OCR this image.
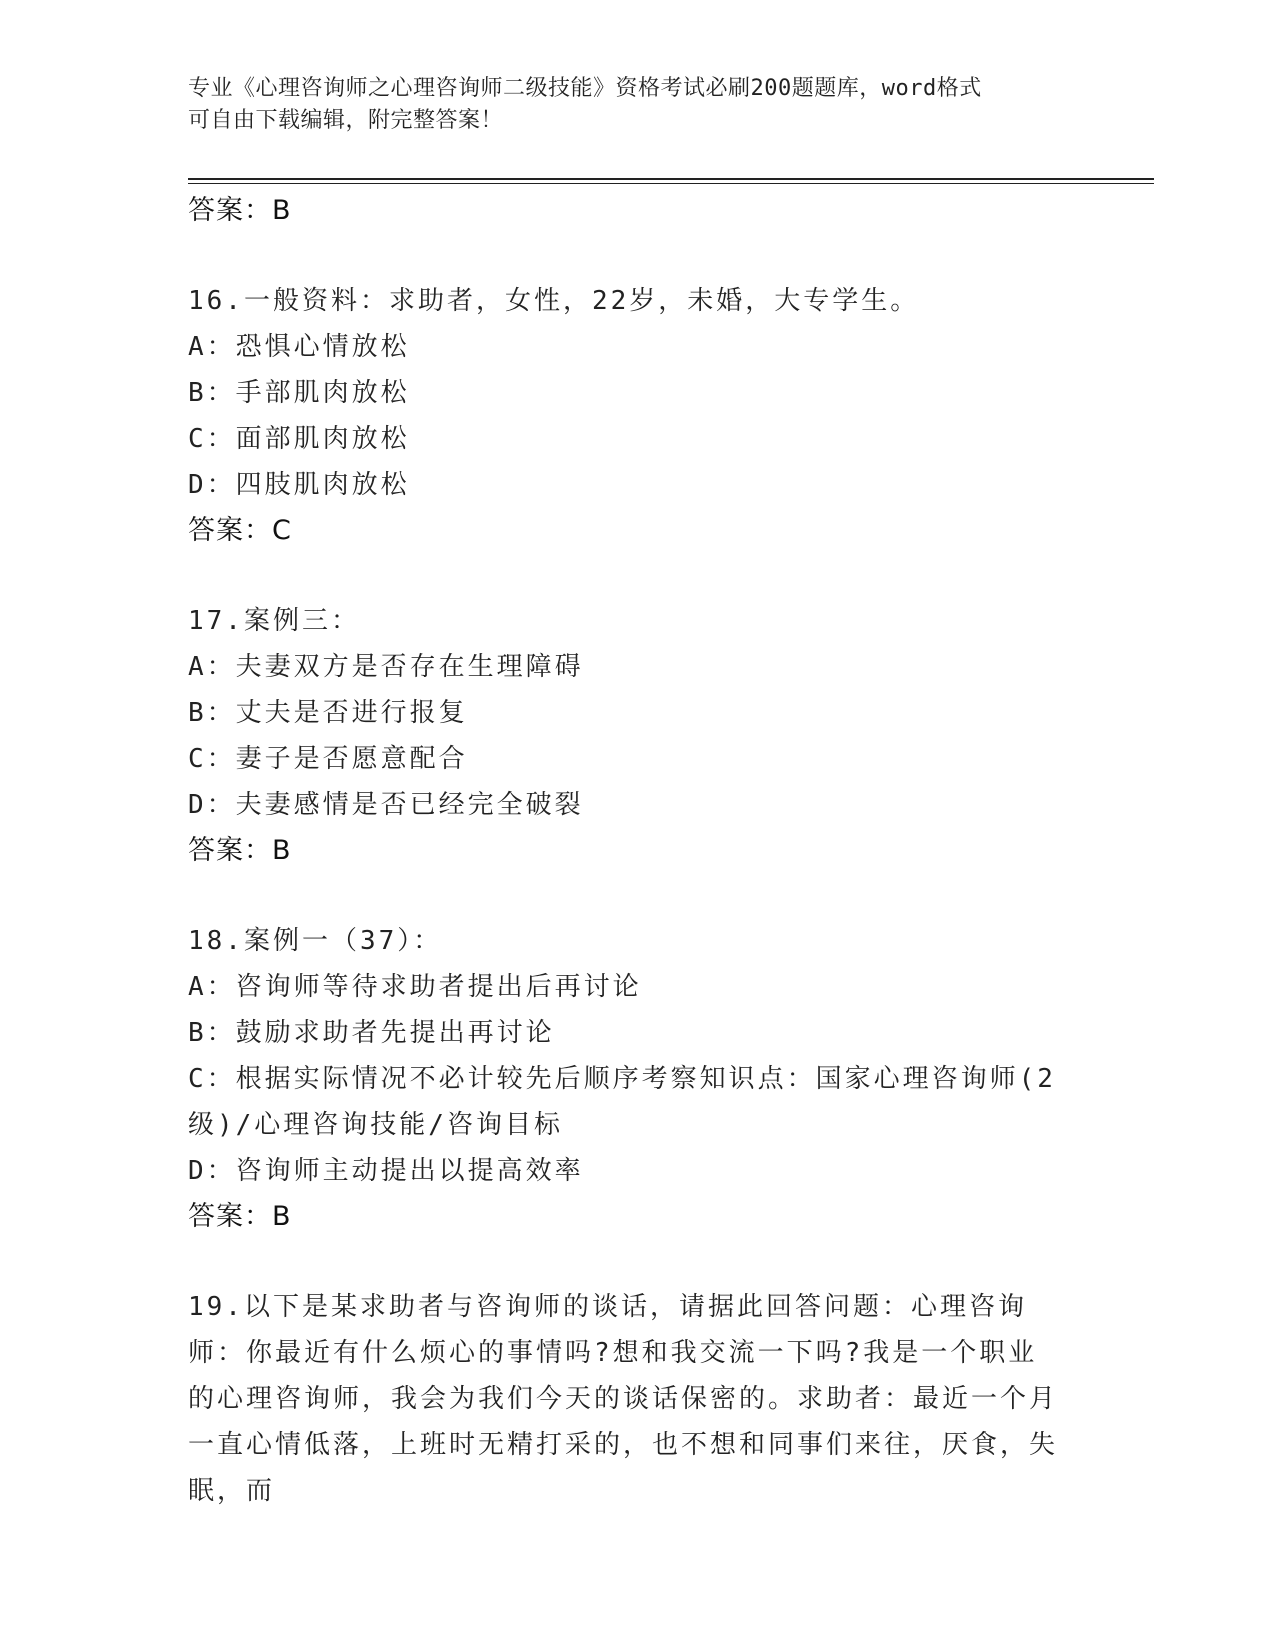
专业《心理咨询师之心理咨询师二级技能》资格考试必刷200题题库，word格式
可自由下载编辑，附完整答案！
答案：B
16.一般资料：求助者，女性，22岁，未婚，大专学生。
A：恐惧心情放松
B：手部肌肉放松
C：面部肌肉放松
D：四肢肌肉放松
答案：C
17.案例三：
A：夫妻双方是否存在生理障碍
B：丈夫是否进行报复
C：妻子是否愿意配合
D：夫妻感情是否已经完全破裂
答案：B
18.案例一（37）：
A：咨询师等待求助者提出后再讨论
B：鼓励求助者先提出再讨论
C：根据实际情况不必计较先后顺序考察知识点：国家心理咨询师(2级)/心理咨询技能/咨询目标
D：咨询师主动提出以提高效率
答案：B
19.以下是某求助者与咨询师的谈话，请据此回答问题：心理咨询师：你最近有什么烦心的事情吗?想和我交流一下吗?我是一个职业的心理咨询师，我会为我们今天的谈话保密的。求助者：最近一个月一直心情低落，上班时无精打采的，也不想和同事们来往，厌食，失眠，而
